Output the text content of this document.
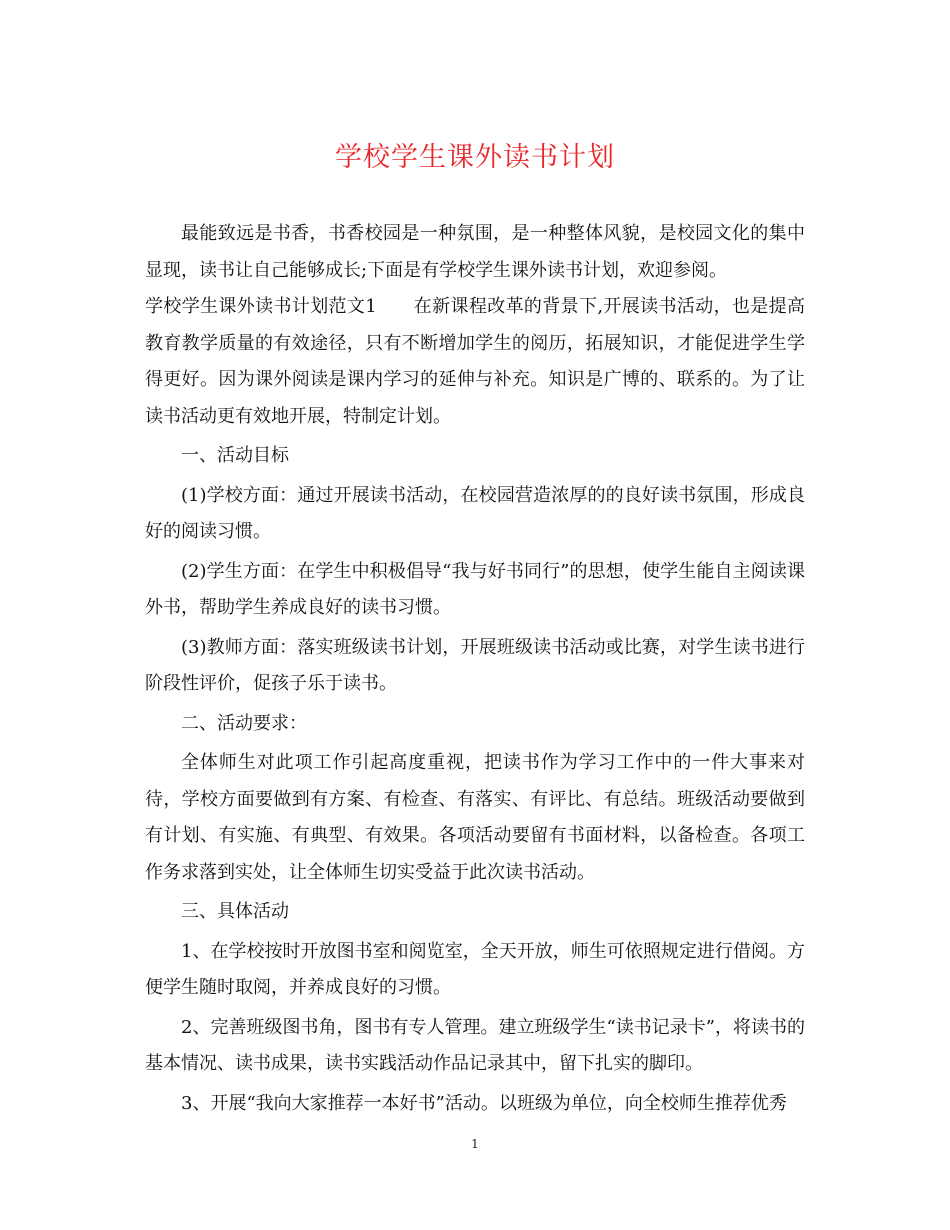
学校学生课外读书计划

最能致远是书香，书香校园是一种氛围，是一种整体风貌，是校园文化的集中显现，读书让自己能够成长;下面是有学校学生课外读书计划，欢迎参阅。

学校学生课外读书计划范文1　　在新课程改革的背景下,开展读书活动，也是提高教育教学质量的有效途径，只有不断增加学生的阅历，拓展知识，才能促进学生学得更好。因为课外阅读是课内学习的延伸与补充。知识是广博的、联系的。为了让读书活动更有效地开展，特制定计划。

一、活动目标

(1)学校方面：通过开展读书活动，在校园营造浓厚的的良好读书氛围，形成良好的阅读习惯。

(2)学生方面：在学生中积极倡导“我与好书同行”的思想，使学生能自主阅读课外书，帮助学生养成良好的读书习惯。

(3)教师方面：落实班级读书计划，开展班级读书活动或比赛，对学生读书进行阶段性评价，促孩子乐于读书。

二、活动要求：

全体师生对此项工作引起高度重视，把读书作为学习工作中的一件大事来对待，学校方面要做到有方案、有检查、有落实、有评比、有总结。班级活动要做到有计划、有实施、有典型、有效果。各项活动要留有书面材料，以备检查。各项工作务求落到实处，让全体师生切实受益于此次读书活动。

三、具体活动

1、在学校按时开放图书室和阅览室，全天开放，师生可依照规定进行借阅。方便学生随时取阅，并养成良好的习惯。

2、完善班级图书角，图书有专人管理。建立班级学生“读书记录卡”，将读书的基本情况、读书成果，读书实践活动作品记录其中，留下扎实的脚印。

3、开展“我向大家推荐一本好书”活动。以班级为单位，向全校师生推荐优秀

1
